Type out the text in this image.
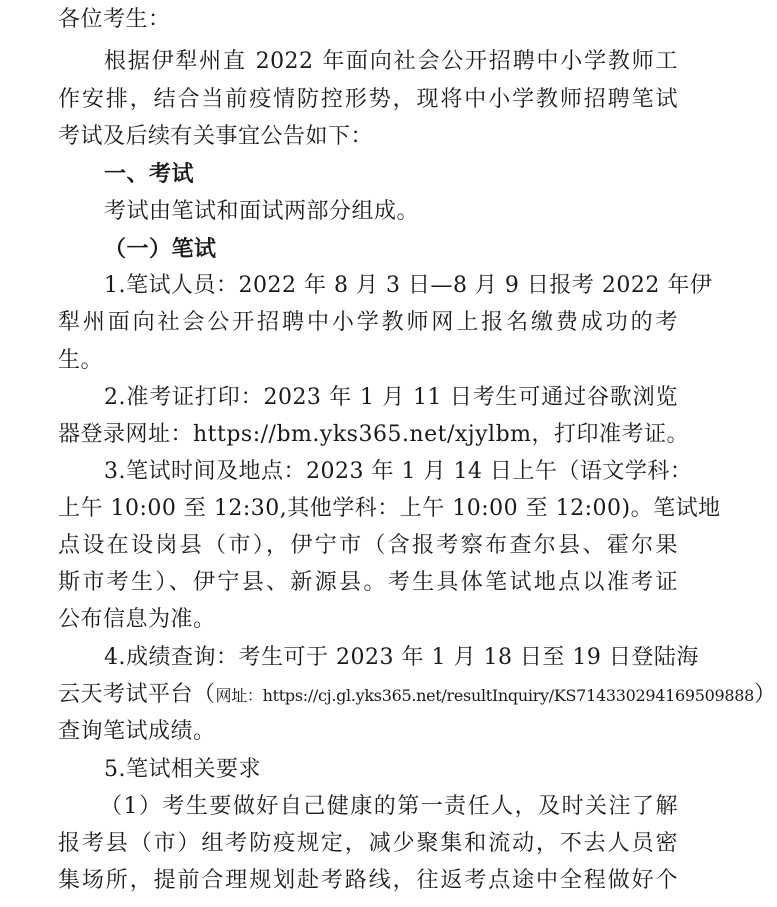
各位考生：
根据伊犁州直 2022 年面向社会公开招聘中小学教师工
作安排，结合当前疫情防控形势，现将中小学教师招聘笔试
考试及后续有关事宜公告如下：
一、考试
考试由笔试和面试两部分组成。
（一）笔试
1.笔试人员：2022 年 8 月 3 日—8 月 9 日报考 2022 年伊
犁州面向社会公开招聘中小学教师网上报名缴费成功的考
生。
2.准考证打印：2023 年 1 月 11 日考生可通过谷歌浏览
器登录网址：https://bm.yks365.net/xjylbm，打印准考证。
3.笔试时间及地点：2023 年 1 月 14 日上午（语文学科：
上午 10:00 至 12:30,其他学科：上午 10:00 至 12:00)。笔试地
点设在设岗县（市），伊宁市（含报考察布查尔县、霍尔果
斯市考生）、伊宁县、新源县。考生具体笔试地点以准考证
公布信息为准。
4.成绩查询：考生可于 2023 年 1 月 18 日至 19 日登陆海
云天考试平台（网址：https://cj.gl.yks365.net/resultInquiry/KS714330294169509888）
查询笔试成绩。
5.笔试相关要求
（1）考生要做好自己健康的第一责任人，及时关注了解
报考县（市）组考防疫规定，减少聚集和流动，不去人员密
集场所，提前合理规划赴考路线，往返考点途中全程做好个
